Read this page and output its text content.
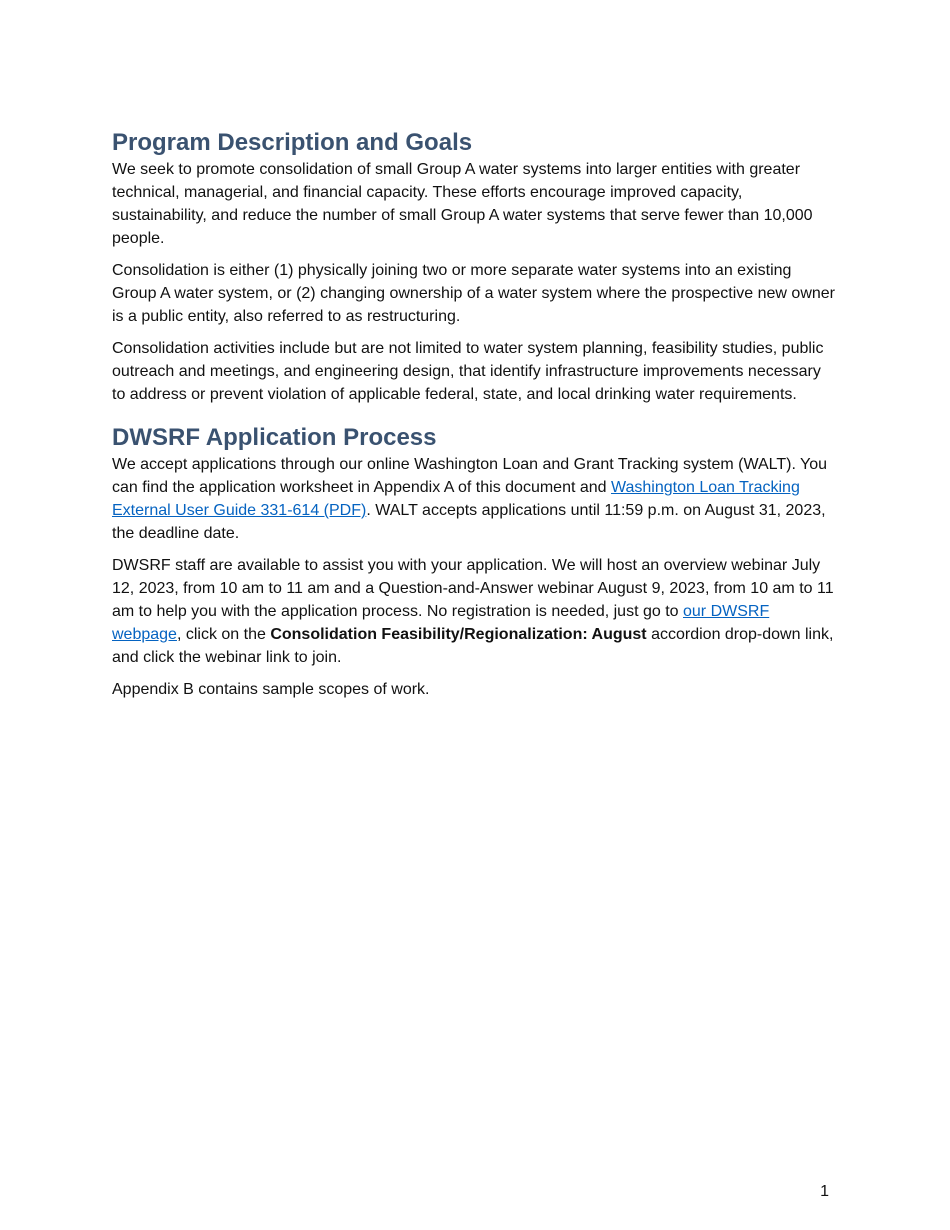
Program Description and Goals

We seek to promote consolidation of small Group A water systems into larger entities with greater technical, managerial, and financial capacity. These efforts encourage improved capacity, sustainability, and reduce the number of small Group A water systems that serve fewer than 10,000 people.

Consolidation is either (1) physically joining two or more separate water systems into an existing Group A water system, or (2) changing ownership of a water system where the prospective new owner is a public entity, also referred to as restructuring.

Consolidation activities include but are not limited to water system planning, feasibility studies, public outreach and meetings, and engineering design, that identify infrastructure improvements necessary to address or prevent violation of applicable federal, state, and local drinking water requirements.

DWSRF Application Process

We accept applications through our online Washington Loan and Grant Tracking system (WALT). You can find the application worksheet in Appendix A of this document and Washington Loan Tracking External User Guide 331-614 (PDF). WALT accepts applications until 11:59 p.m. on August 31, 2023, the deadline date.

DWSRF staff are available to assist you with your application. We will host an overview webinar July 12, 2023, from 10 am to 11 am and a Question-and-Answer webinar August 9, 2023, from 10 am to 11 am to help you with the application process. No registration is needed, just go to our DWSRF webpage, click on the Consolidation Feasibility/Regionalization: August accordion drop-down link, and click the webinar link to join.

Appendix B contains sample scopes of work.

1
